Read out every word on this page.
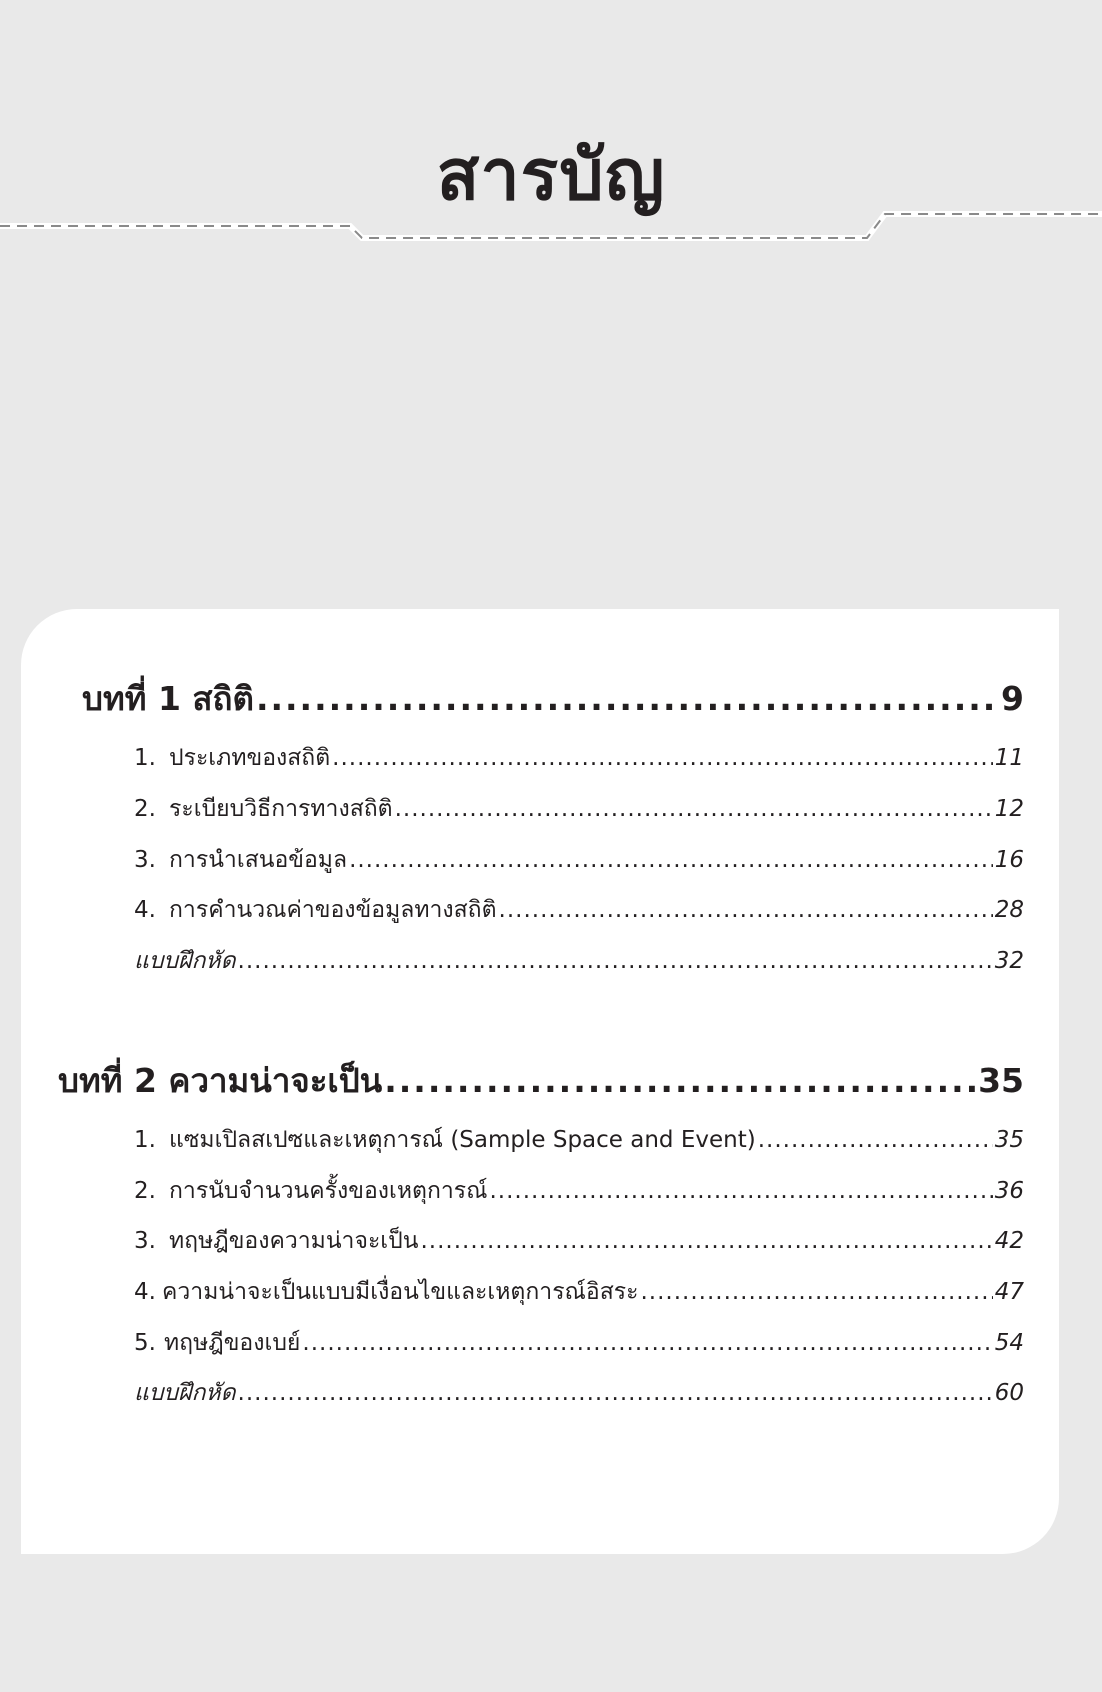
สารบัญ
บทที่ 1 สถิติ .....	9
1. ประเภทของสถิติ .....	11
2. ระเบียบวิธีการทางสถิติ .....	12
3. การนำเสนอข้อมูล .....	16
4. การคำนวณค่าของข้อมูลทางสถิติ .....	28
แบบฝึกหัด .....	32
บทที่ 2 ความน่าจะเป็น .....	35
1. แซมเปิลสเปซและเหตุการณ์ (Sample Space and Event) .....	35
2. การนับจำนวนครั้งของเหตุการณ์ .....	36
3. ทฤษฎีของความน่าจะเป็น .....	42
4. ความน่าจะเป็นแบบมีเงื่อนไขและเหตุการณ์อิสระ .....	47
5. ทฤษฎีของเบย์ .....	54
แบบฝึกหัด .....	60
